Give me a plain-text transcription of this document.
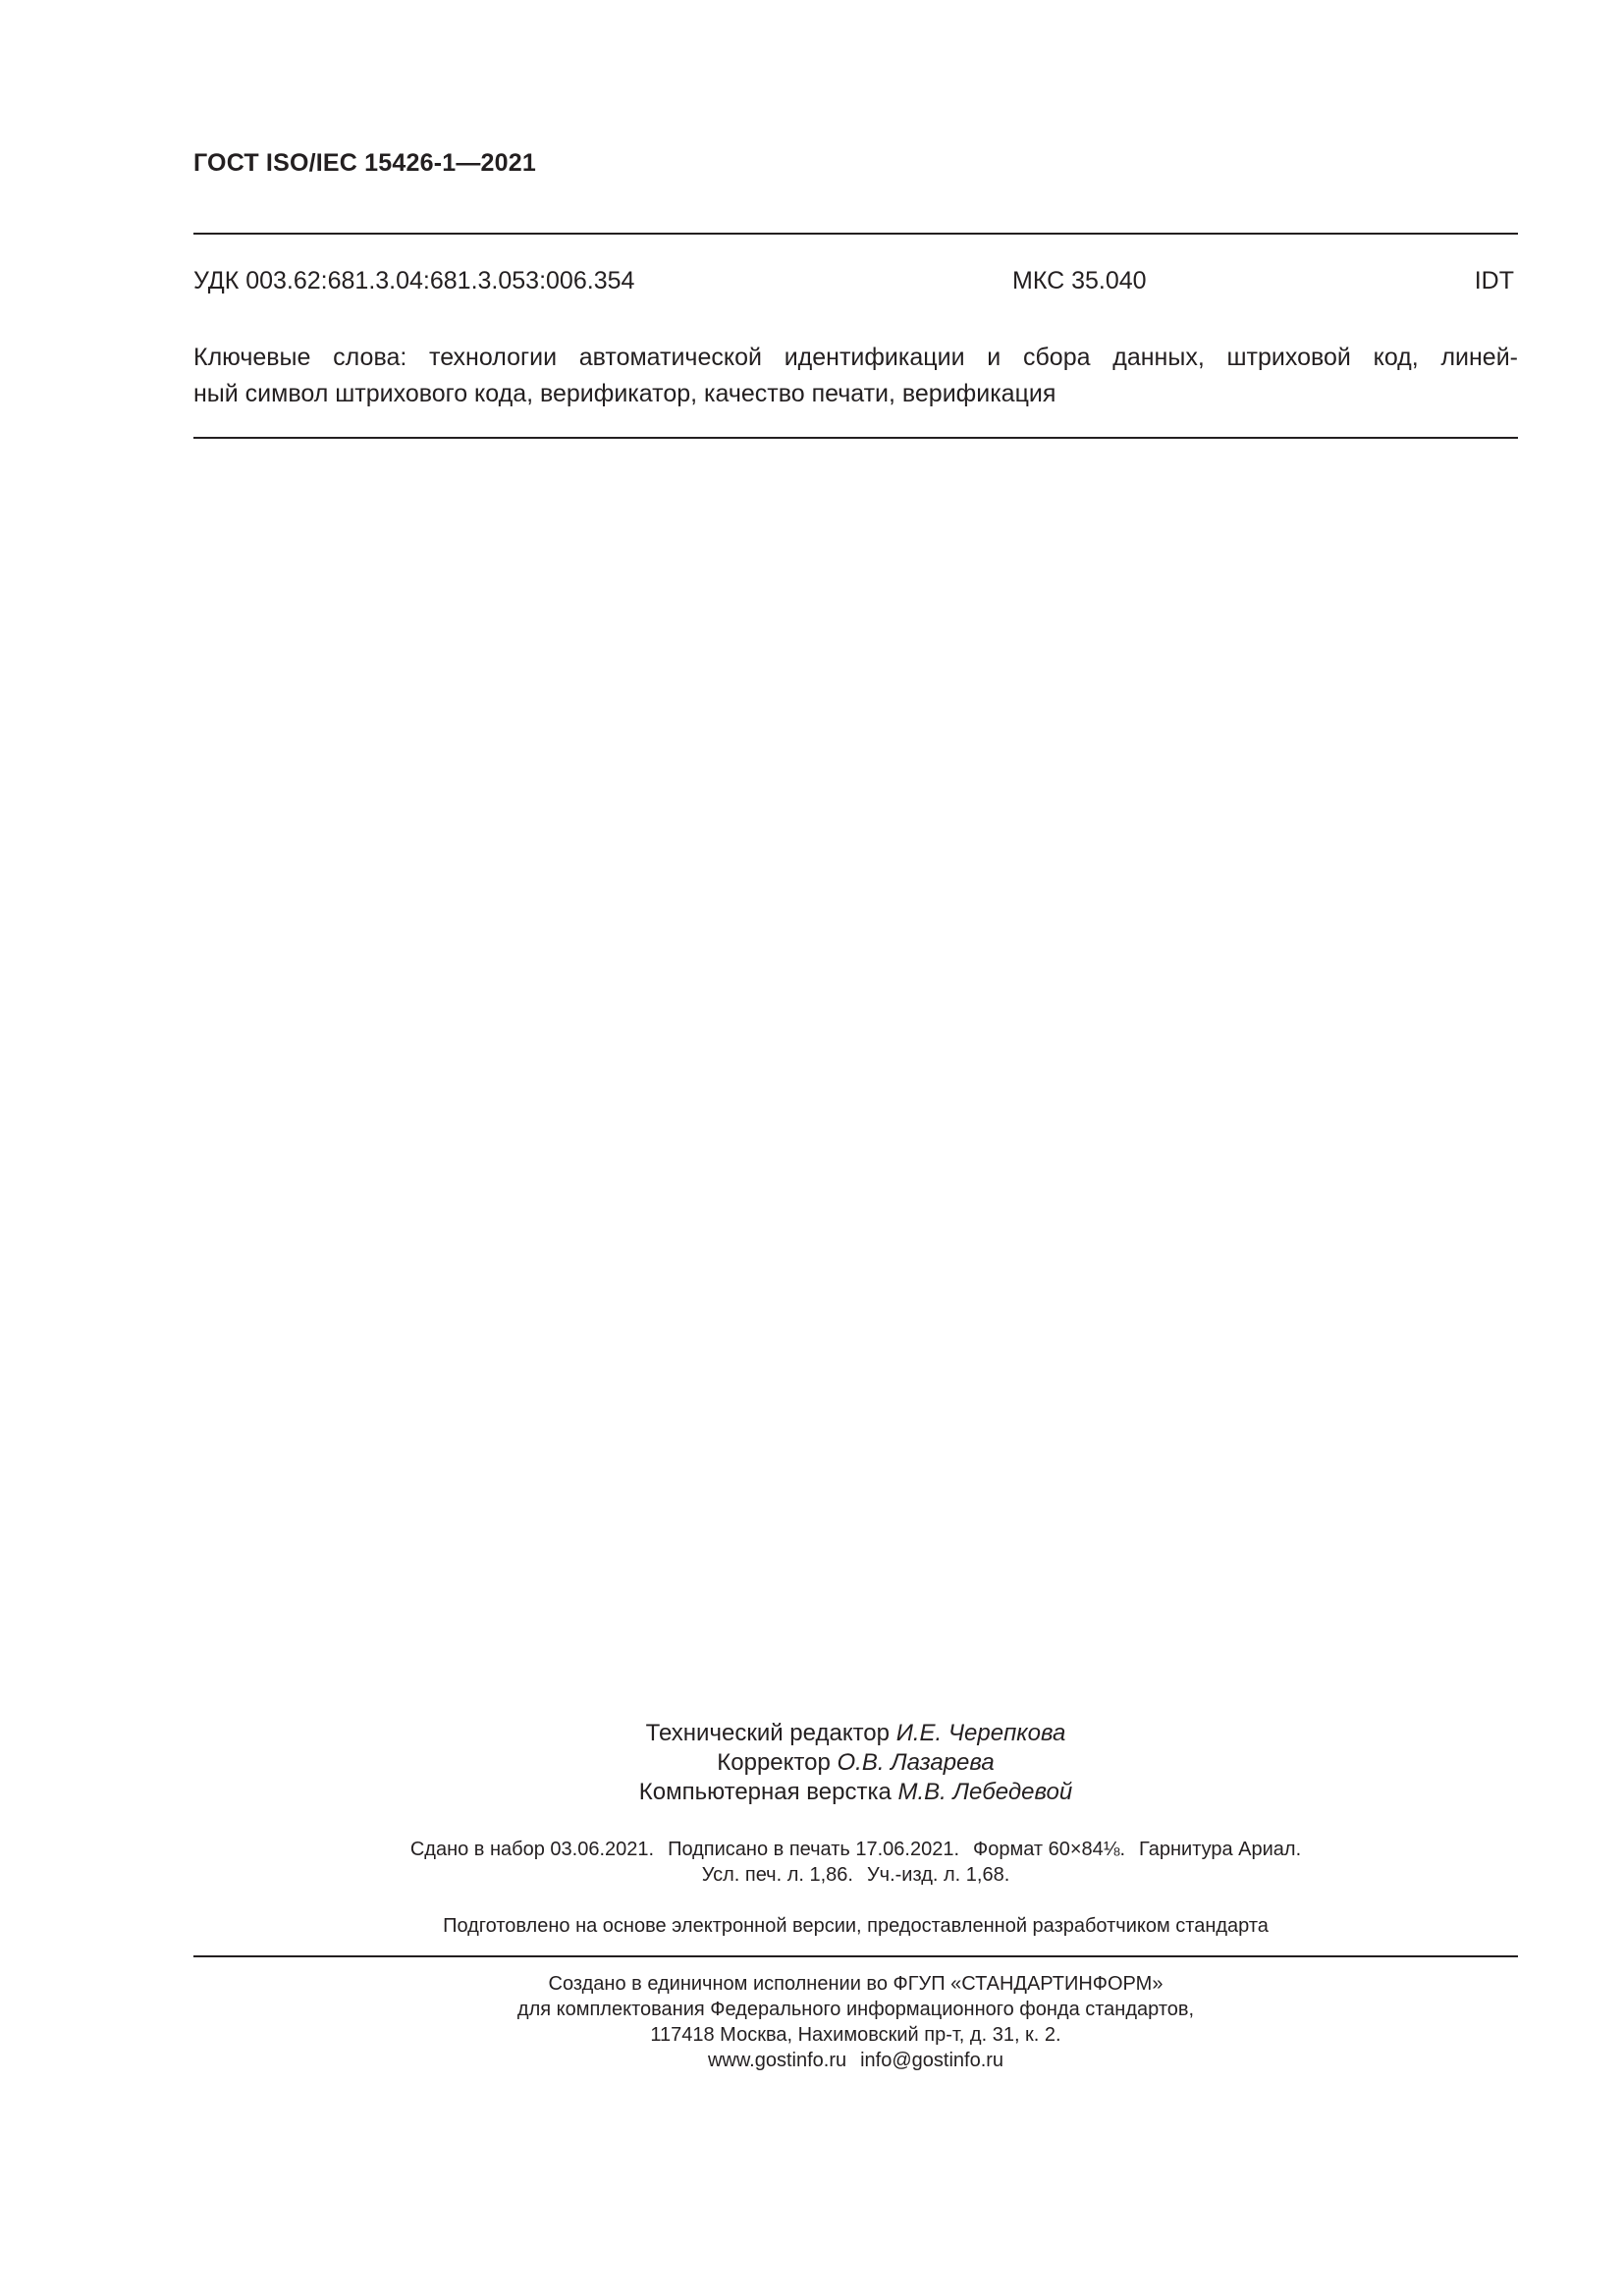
ГОСТ ISO/IEC 15426-1—2021
УДК 003.62:681.3.04:681.3.053:006.354	МКС 35.040	IDT
Ключевые слова: технологии автоматической идентификации и сбора данных, штриховой код, линей-
ный символ штрихового кода, верификатор, качество печати, верификация
Технический редактор И.Е. Черепкова
Корректор О.В. Лазарева
Компьютерная верстка М.В. Лебедевой
Сдано в набор 03.06.2021. Подписано в печать 17.06.2021. Формат 60×84⅛. Гарнитура Ариал.
Усл. печ. л. 1,86. Уч.-изд. л. 1,68.
Подготовлено на основе электронной версии, предоставленной разработчиком стандарта
Создано в единичном исполнении во ФГУП «СТАНДАРТИНФОРМ»
для комплектования Федерального информационного фонда стандартов,
117418 Москва, Нахимовский пр-т, д. 31, к. 2.
www.gostinfo.ru info@gostinfo.ru
